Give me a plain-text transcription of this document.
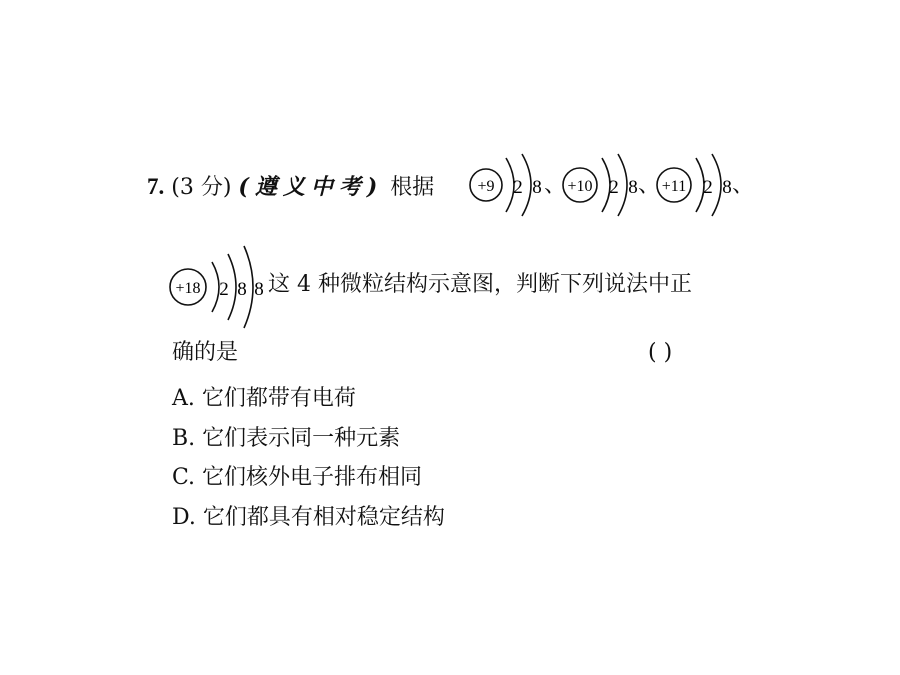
7. (3 分) (遵义中考) 根据	+9 2 8 、 +10 2 8 、 +11 2 8 、
+18 2 8 8 这 4 种微粒结构示意图，判断下列说法中正
确的是	( )
A. 它们都带有电荷
B. 它们表示同一种元素
C. 它们核外电子排布相同
D. 它们都具有相对稳定结构
